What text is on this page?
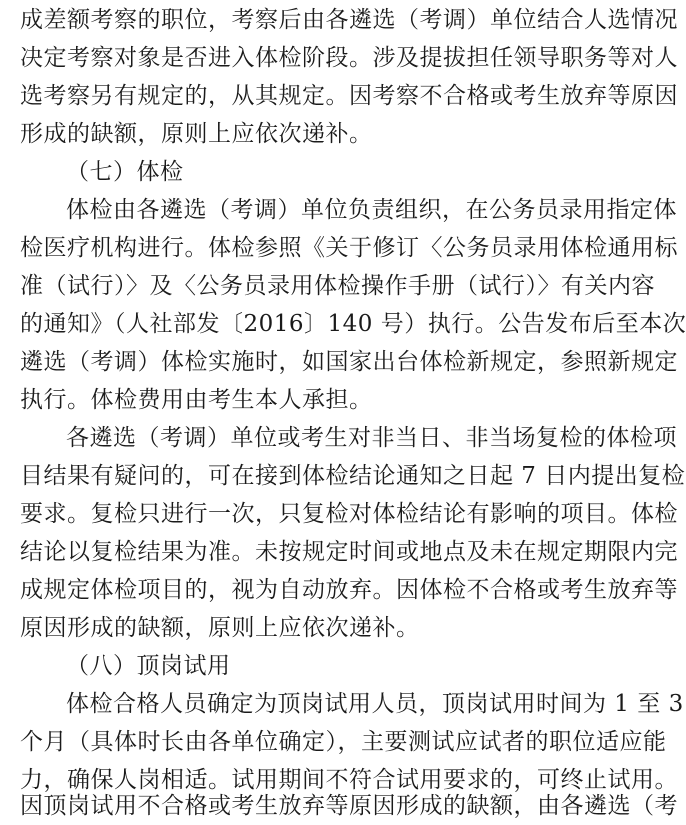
成差额考察的职位，考察后由各遴选（考调）单位结合人选情况
决定考察对象是否进入体检阶段。涉及提拔担任领导职务等对人
选考察另有规定的，从其规定。因考察不合格或考生放弃等原因
形成的缺额，原则上应依次递补。
（七）体检
体检由各遴选（考调）单位负责组织，在公务员录用指定体
检医疗机构进行。体检参照《关于修订〈公务员录用体检通用标
准（试行）〉及〈公务员录用体检操作手册（试行）〉有关内容
的通知》（人社部发〔2016〕140 号）执行。公告发布后至本次
遴选（考调）体检实施时，如国家出台体检新规定，参照新规定
执行。体检费用由考生本人承担。
各遴选（考调）单位或考生对非当日、非当场复检的体检项
目结果有疑问的，可在接到体检结论通知之日起 7 日内提出复检
要求。复检只进行一次，只复检对体检结论有影响的项目。体检
结论以复检结果为准。未按规定时间或地点及未在规定期限内完
成规定体检项目的，视为自动放弃。因体检不合格或考生放弃等
原因形成的缺额，原则上应依次递补。
（八）顶岗试用
体检合格人员确定为顶岗试用人员，顶岗试用时间为 1 至 3
个月（具体时长由各单位确定），主要测试应试者的职位适应能
力，确保人岗相适。试用期间不符合试用要求的，可终止试用。
因顶岗试用不合格或考生放弃等原因形成的缺额，由各遴选（考
